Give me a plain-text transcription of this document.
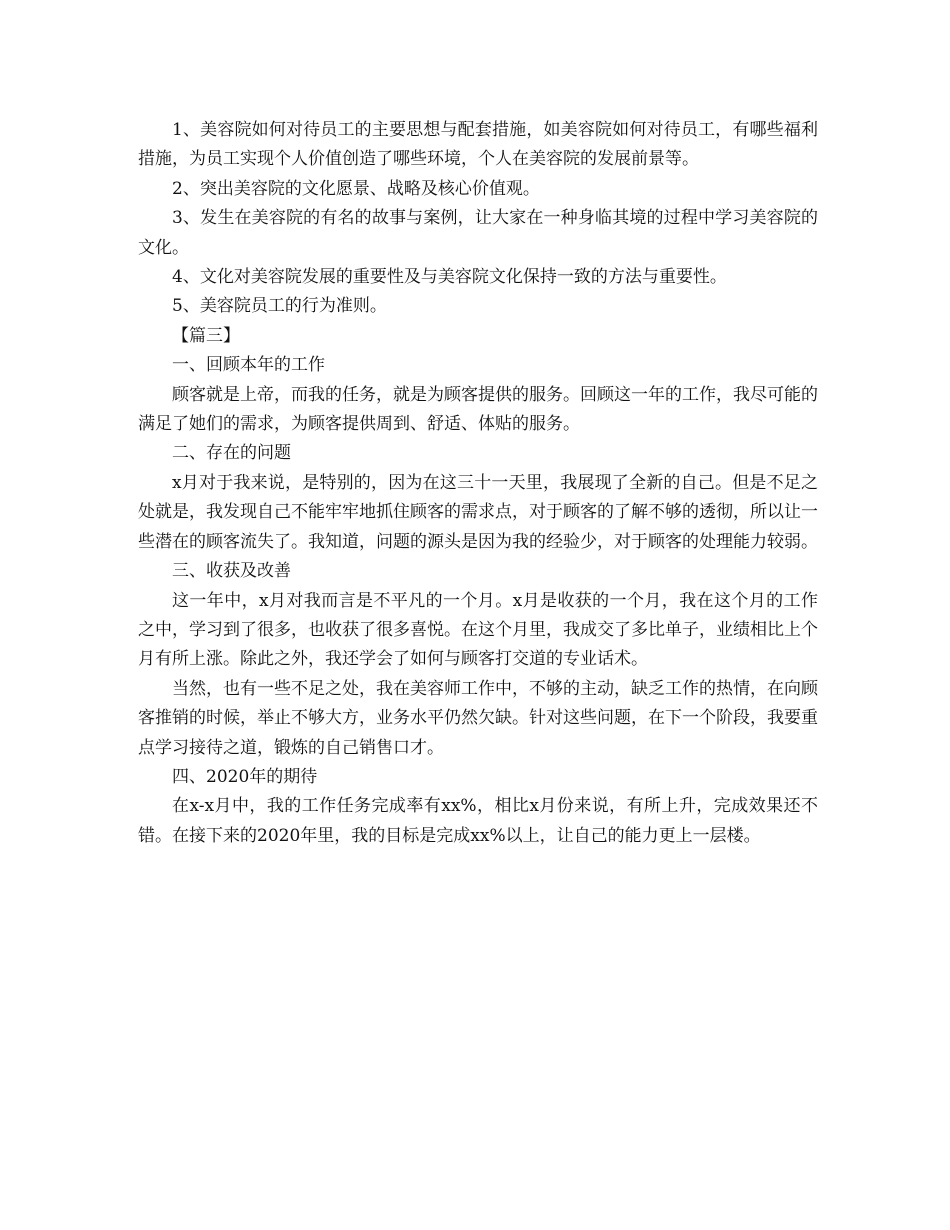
1、美容院如何对待员工的主要思想与配套措施，如美容院如何对待员工，有哪些福利措施，为员工实现个人价值创造了哪些环境，个人在美容院的发展前景等。

2、突出美容院的文化愿景、战略及核心价值观。

3、发生在美容院的有名的故事与案例，让大家在一种身临其境的过程中学习美容院的文化。

4、文化对美容院发展的重要性及与美容院文化保持一致的方法与重要性。

5、美容院员工的行为准则。

【篇三】

一、回顾本年的工作

顾客就是上帝，而我的任务，就是为顾客提供的服务。回顾这一年的工作，我尽可能的满足了她们的需求，为顾客提供周到、舒适、体贴的服务。

二、存在的问题

x月对于我来说，是特别的，因为在这三十一天里，我展现了全新的自己。但是不足之处就是，我发现自己不能牢牢地抓住顾客的需求点，对于顾客的了解不够的透彻，所以让一些潜在的顾客流失了。我知道，问题的源头是因为我的经验少，对于顾客的处理能力较弱。

三、收获及改善

这一年中，x月对我而言是不平凡的一个月。x月是收获的一个月，我在这个月的工作之中，学习到了很多，也收获了很多喜悦。在这个月里，我成交了多比单子，业绩相比上个月有所上涨。除此之外，我还学会了如何与顾客打交道的专业话术。

当然，也有一些不足之处，我在美容师工作中，不够的主动，缺乏工作的热情，在向顾客推销的时候，举止不够大方，业务水平仍然欠缺。针对这些问题，在下一个阶段，我要重点学习接待之道，锻炼的自己销售口才。

四、2020年的期待

在x-x月中，我的工作任务完成率有xx%，相比x月份来说，有所上升，完成效果还不错。在接下来的2020年里，我的目标是完成xx%以上，让自己的能力更上一层楼。
